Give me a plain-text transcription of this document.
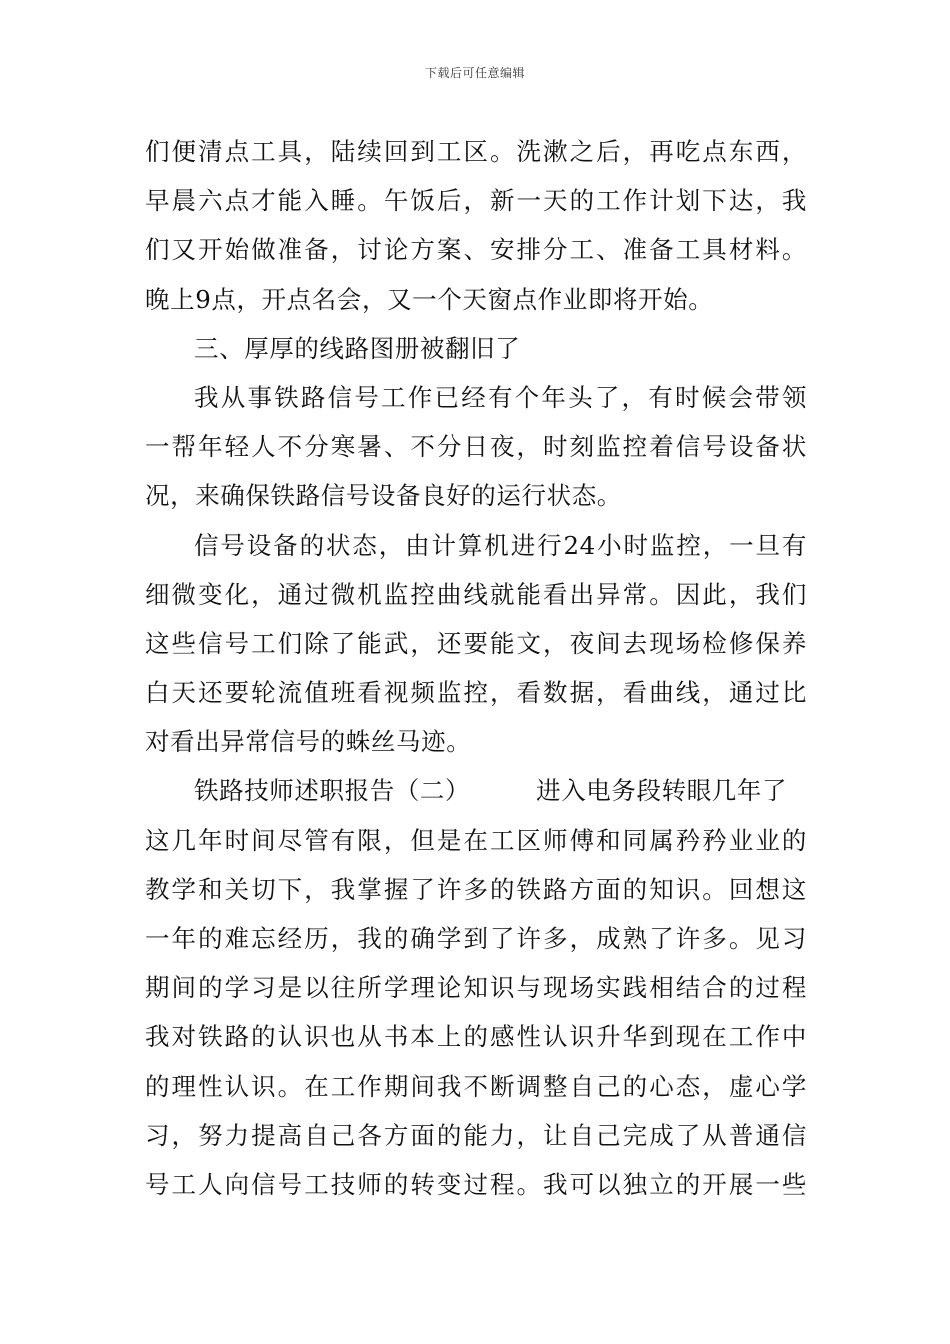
下载后可任意编辑
们便清点工具，陆续回到工区。洗漱之后，再吃点东西，
早晨六点才能入睡。午饭后，新一天的工作计划下达，我
们又开始做准备，讨论方案、安排分工、准备工具材料。
晚上9点，开点名会，又一个天窗点作业即将开始。
三、厚厚的线路图册被翻旧了
我从事铁路信号工作已经有个年头了，有时候会带领
一帮年轻人不分寒暑、不分日夜，时刻监控着信号设备状
况，来确保铁路信号设备良好的运行状态。
信号设备的状态，由计算机进行24小时监控，一旦有
细微变化，通过微机监控曲线就能看出异常。因此，我们
这些信号工们除了能武，还要能文，夜间去现场检修保养
白天还要轮流值班看视频监控，看数据，看曲线，通过比
对看出异常信号的蛛丝马迹。
铁路技师述职报告（二）	进入电务段转眼几年了
这几年时间尽管有限，但是在工区师傅和同属矜矜业业的
教学和关切下，我掌握了许多的铁路方面的知识。回想这
一年的难忘经历，我的确学到了许多，成熟了许多。见习
期间的学习是以往所学理论知识与现场实践相结合的过程
我对铁路的认识也从书本上的感性认识升华到现在工作中
的理性认识。在工作期间我不断调整自己的心态，虚心学
习，努力提高自己各方面的能力，让自己完成了从普通信
号工人向信号工技师的转变过程。我可以独立的开展一些
